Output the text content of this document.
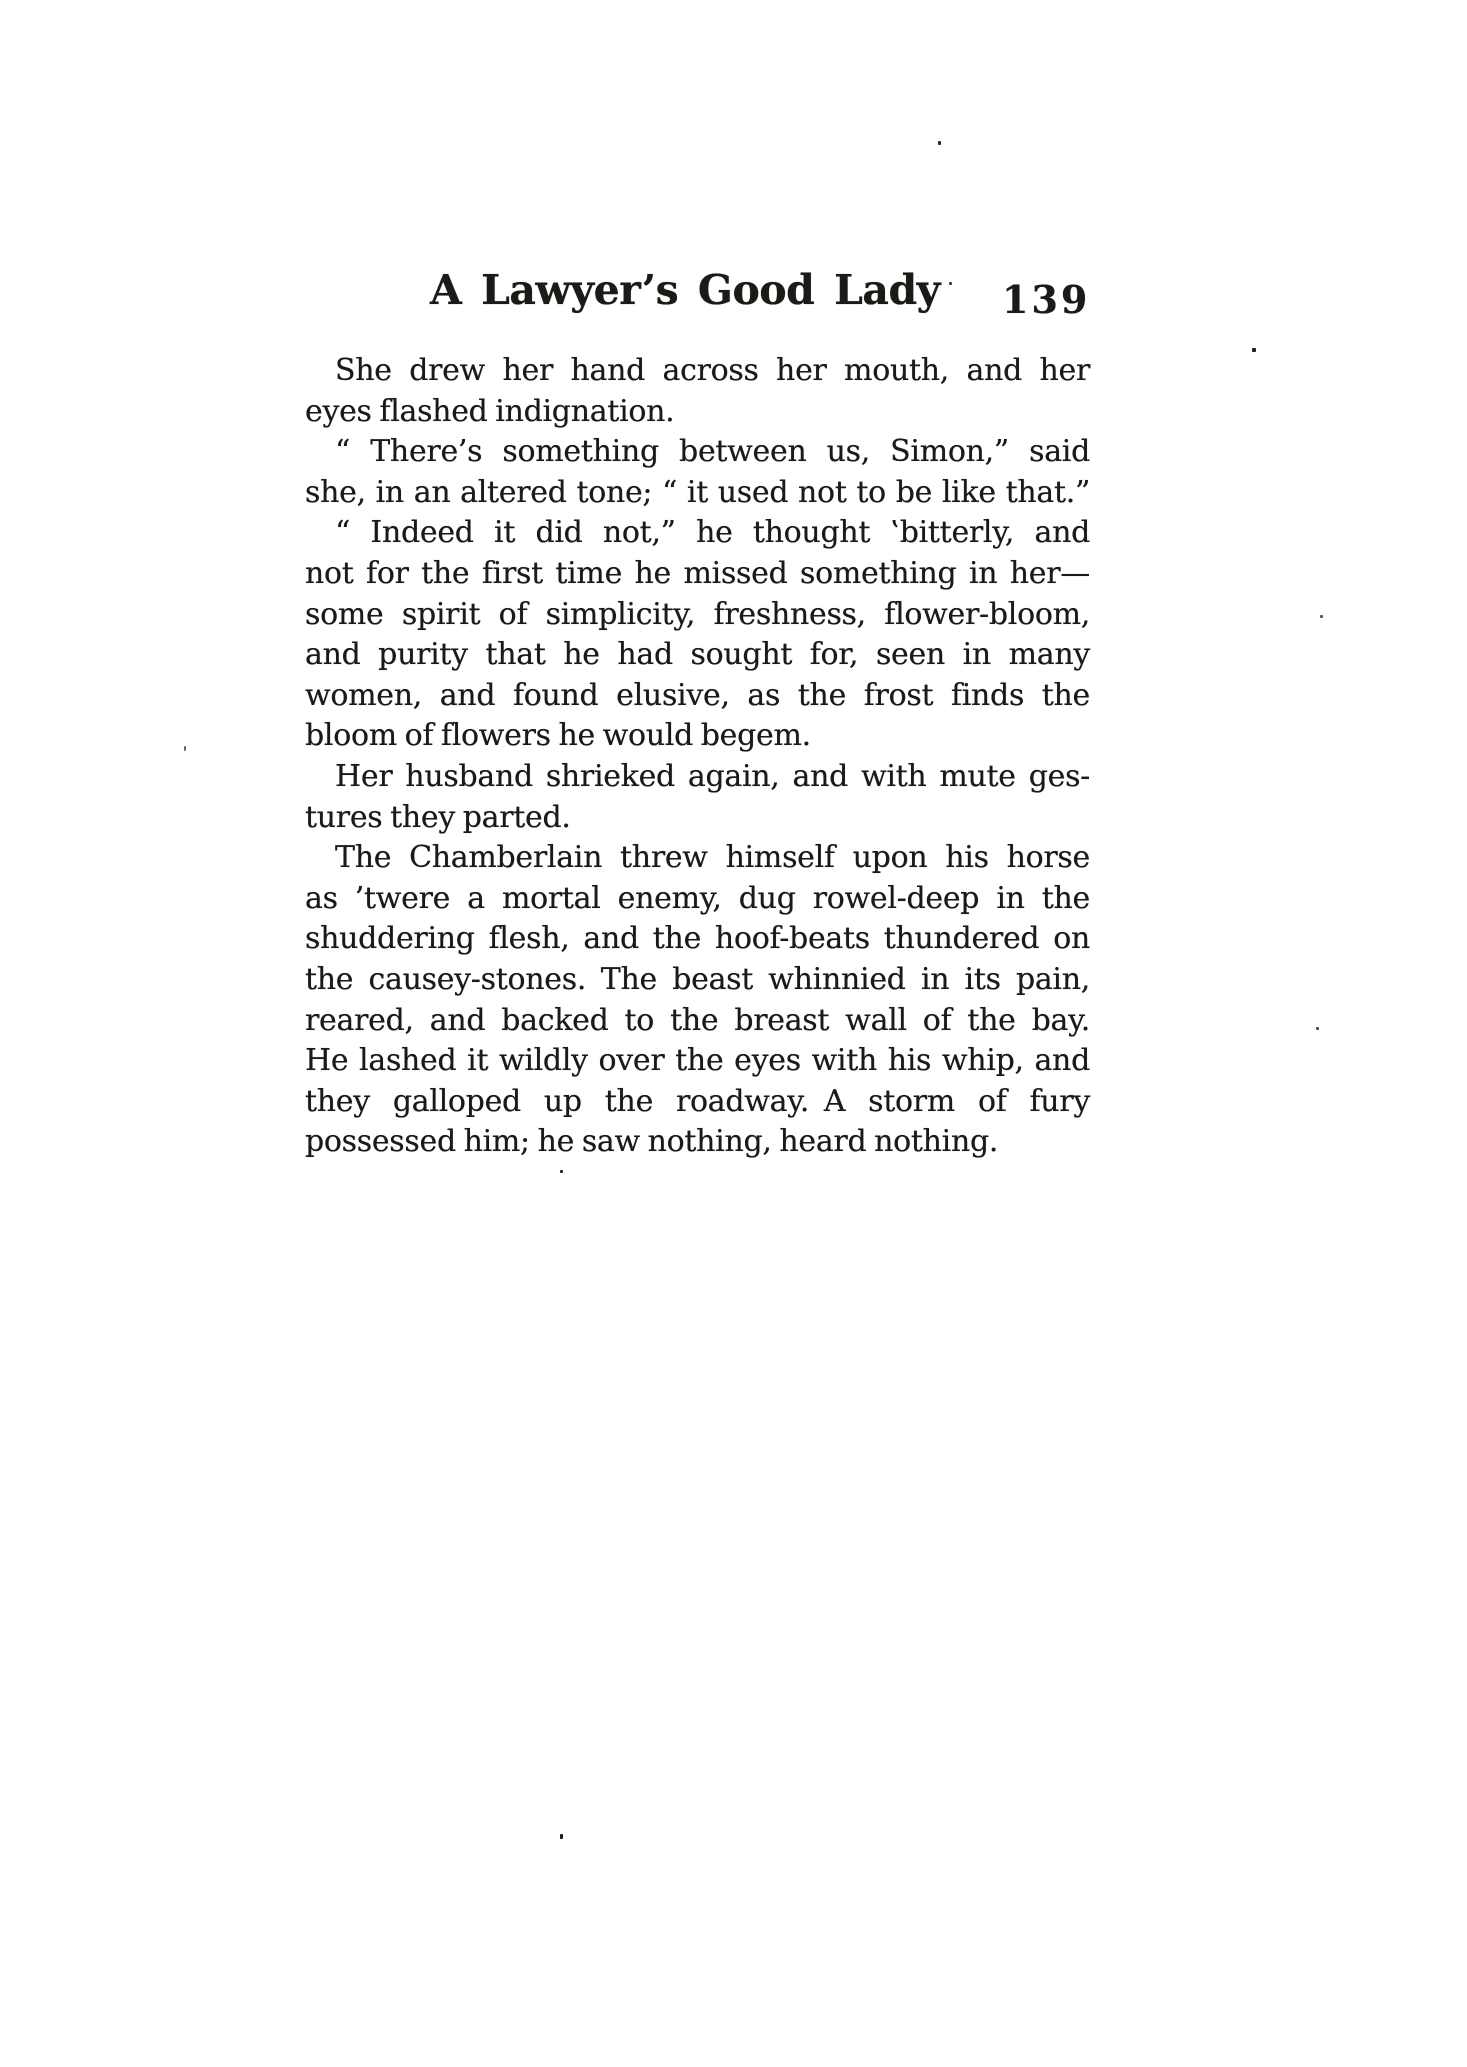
A Lawyer’s Good Lady	139
She drew her hand across her mouth, and her
eyes flashed indignation.
“ There’s something between us, Simon,” said
she, in an altered tone; “ it used not to be like that.”
“ Indeed it did not,” he thought ‛bitterly, and
not for the first time he missed something in her—
some spirit of simplicity, freshness, flower-bloom,
and purity that he had sought for, seen in many
women, and found elusive, as the frost finds the
bloom of flowers he would begem.
Her husband shrieked again, and with mute ges-
tures they parted.
The Chamberlain threw himself upon his horse
as ’twere a mortal enemy, dug rowel-deep in the
shuddering flesh, and the hoof-beats thundered on
the causey-stones. The beast whinnied in its pain,
reared, and backed to the breast wall of the bay.
He lashed it wildly over the eyes with his whip, and
they galloped up the roadway. A storm of fury
possessed him; he saw nothing, heard nothing.
